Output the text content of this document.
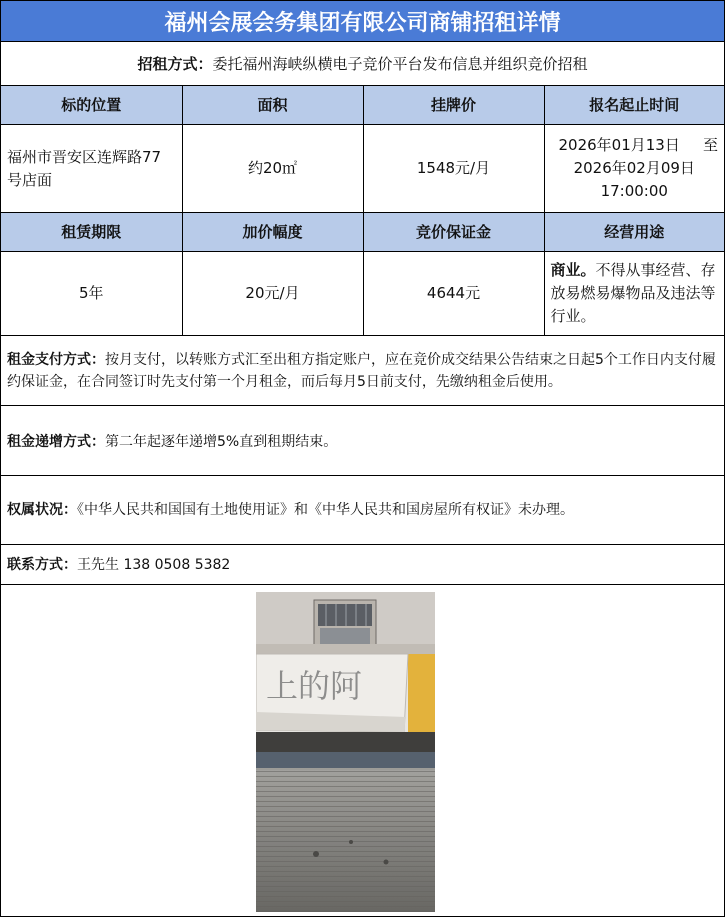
福州会展会务集团有限公司商铺招租详情
招租方式： 委托福州海峡纵横电子竞价平台发布信息并组织竞价招租
标的位置	面积	挂牌价	报名起止时间
福州市晋安区连辉路77号店面	约20㎡	1548元/月	2026年01月13日 至
2026年02月09日
17:00:00

租赁期限	加价幅度	竞价保证金	经营用途
5年	20元/月	4644元	商业。不得从事经营、存放易燃易爆物品及违法等行业。
租金支付方式：按月支付，以转账方式汇至出租方指定账户，应在竞价成交结果公告结束之日起5个工作日内支付履约保证金，在合同签订时先支付第一个月租金，而后每月5日前支付，先缴纳租金后使用。
租金递增方式：第二年起逐年递增5%直到租期结束。
权属状况：《中华人民共和国国有土地使用证》和《中华人民共和国房屋所有权证》未办理。
联系方式：王先生 138 0508 5382
上的阿
